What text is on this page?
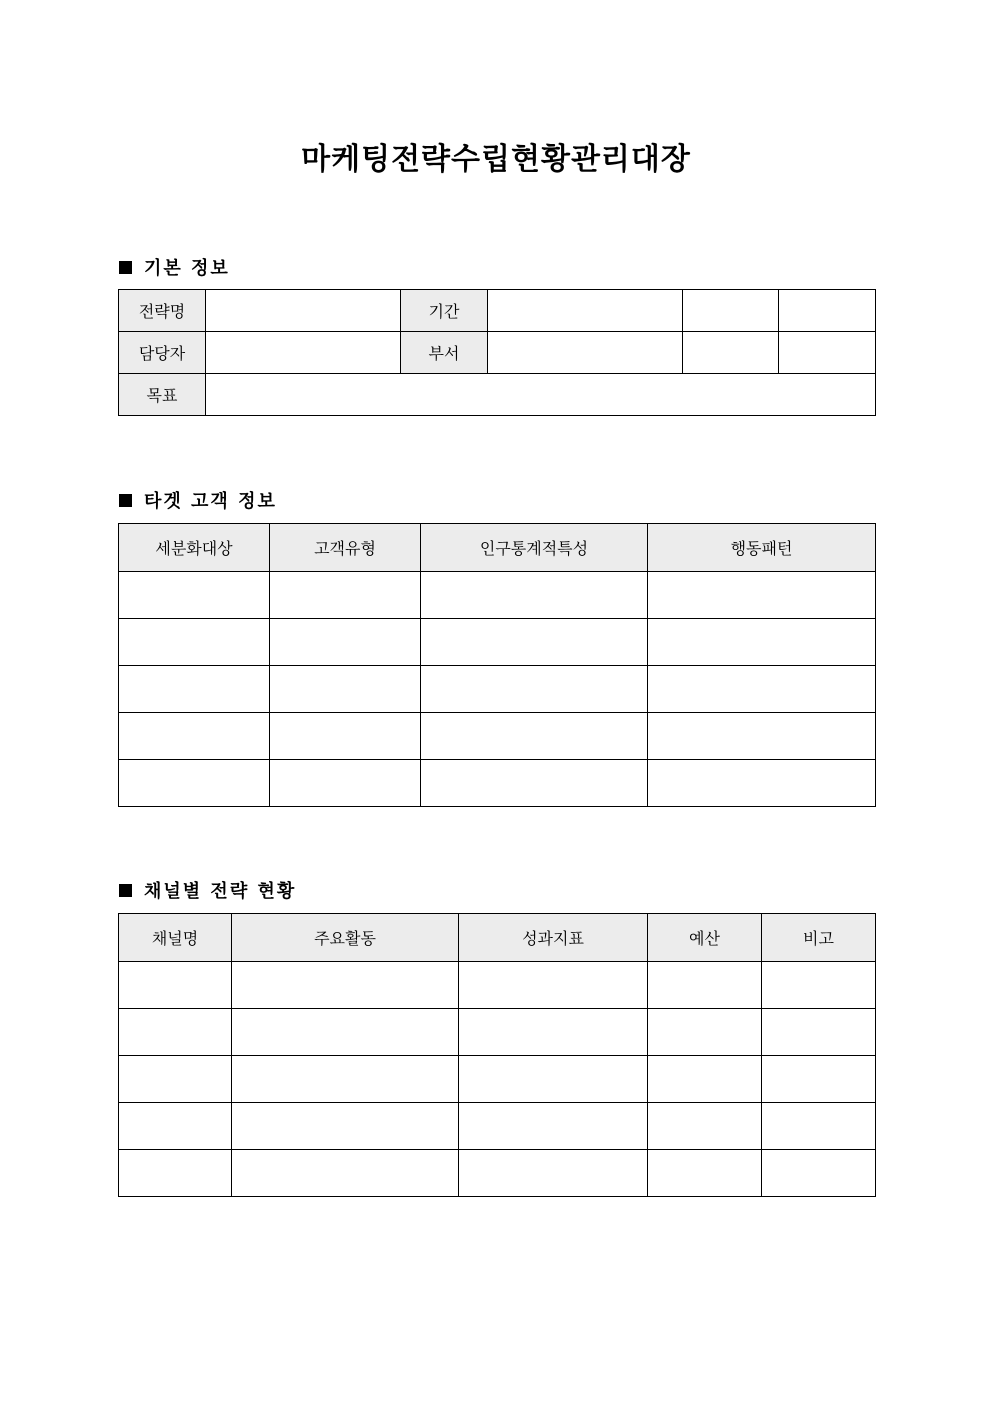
마케팅전략수립현황관리대장
기본 정보
전략명		기간			
담당자		부서			
목표					
타겟 고객 정보
세분화대상	고객유형	인구통계적특성	행동패턴

채널별 전략 현황
채널명	주요활동	성과지표	예산	비고
